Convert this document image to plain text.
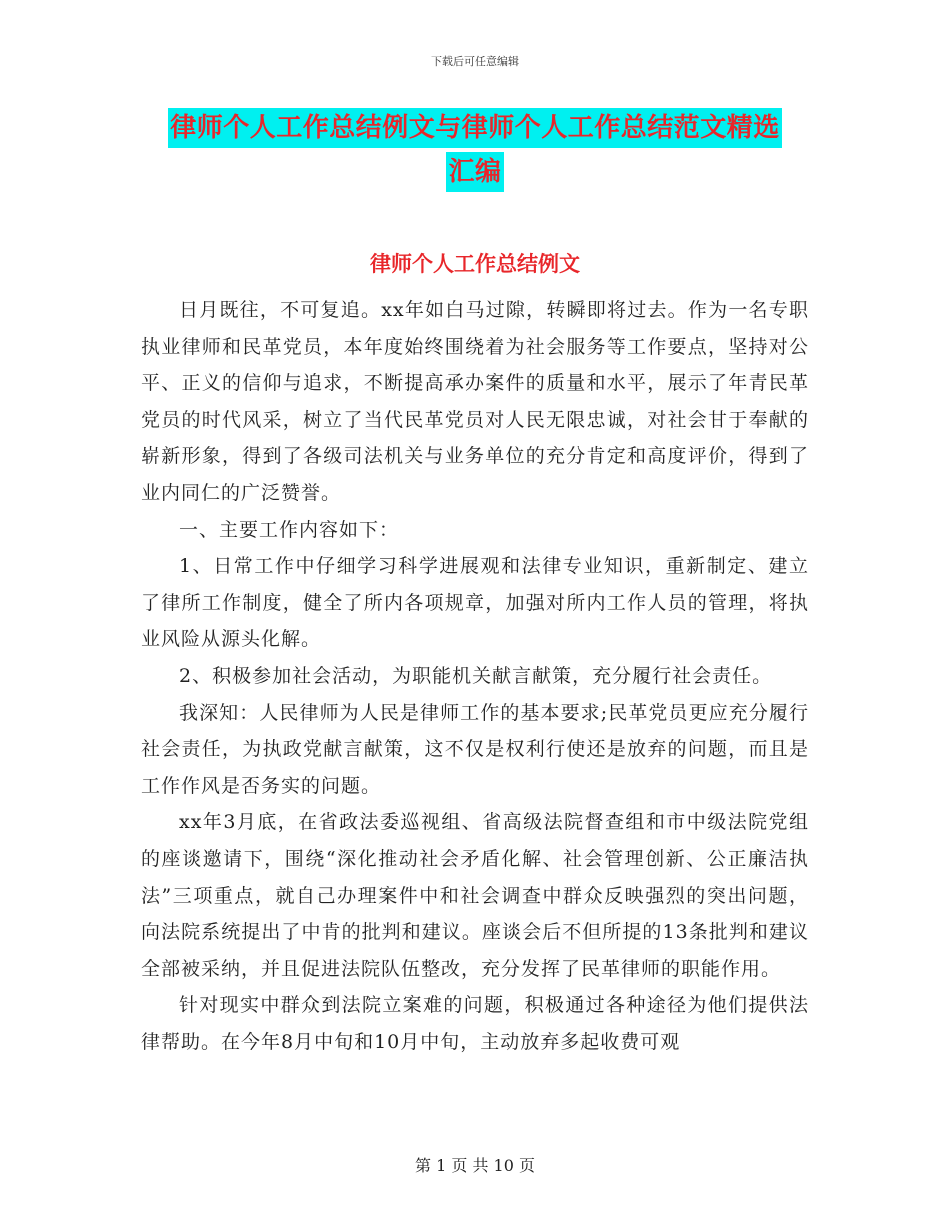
下载后可任意编辑
律师个人工作总结例文与律师个人工作总结范文精选
汇编
律师个人工作总结例文

日月既往，不可复追。xx年如白马过隙，转瞬即将过去。作为一名专职执业律师和民革党员，本年度始终围绕着为社会服务等工作要点，坚持对公平、正义的信仰与追求，不断提高承办案件的质量和水平，展示了年青民革党员的时代风采，树立了当代民革党员对人民无限忠诚，对社会甘于奉献的崭新形象，得到了各级司法机关与业务单位的充分肯定和高度评价，得到了业内同仁的广泛赞誉。

一、主要工作内容如下：

1、日常工作中仔细学习科学进展观和法律专业知识，重新制定、建立了律所工作制度，健全了所内各项规章，加强对所内工作人员的管理，将执业风险从源头化解。

2、积极参加社会活动，为职能机关献言献策，充分履行社会责任。

我深知：人民律师为人民是律师工作的基本要求;民革党员更应充分履行社会责任，为执政党献言献策，这不仅是权利行使还是放弃的问题，而且是工作作风是否务实的问题。

xx年3月底，在省政法委巡视组、省高级法院督查组和市中级法院党组的座谈邀请下，围绕“深化推动社会矛盾化解、社会管理创新、公正廉洁执法”三项重点，就自己办理案件中和社会调查中群众反映强烈的突出问题，向法院系统提出了中肯的批判和建议。座谈会后不但所提的13条批判和建议全部被采纳，并且促进法院队伍整改，充分发挥了民革律师的职能作用。

针对现实中群众到法院立案难的问题，积极通过各种途径为他们提供法律帮助。在今年8月中旬和10月中旬，主动放弃多起收费可观

第 1 页 共 10 页
